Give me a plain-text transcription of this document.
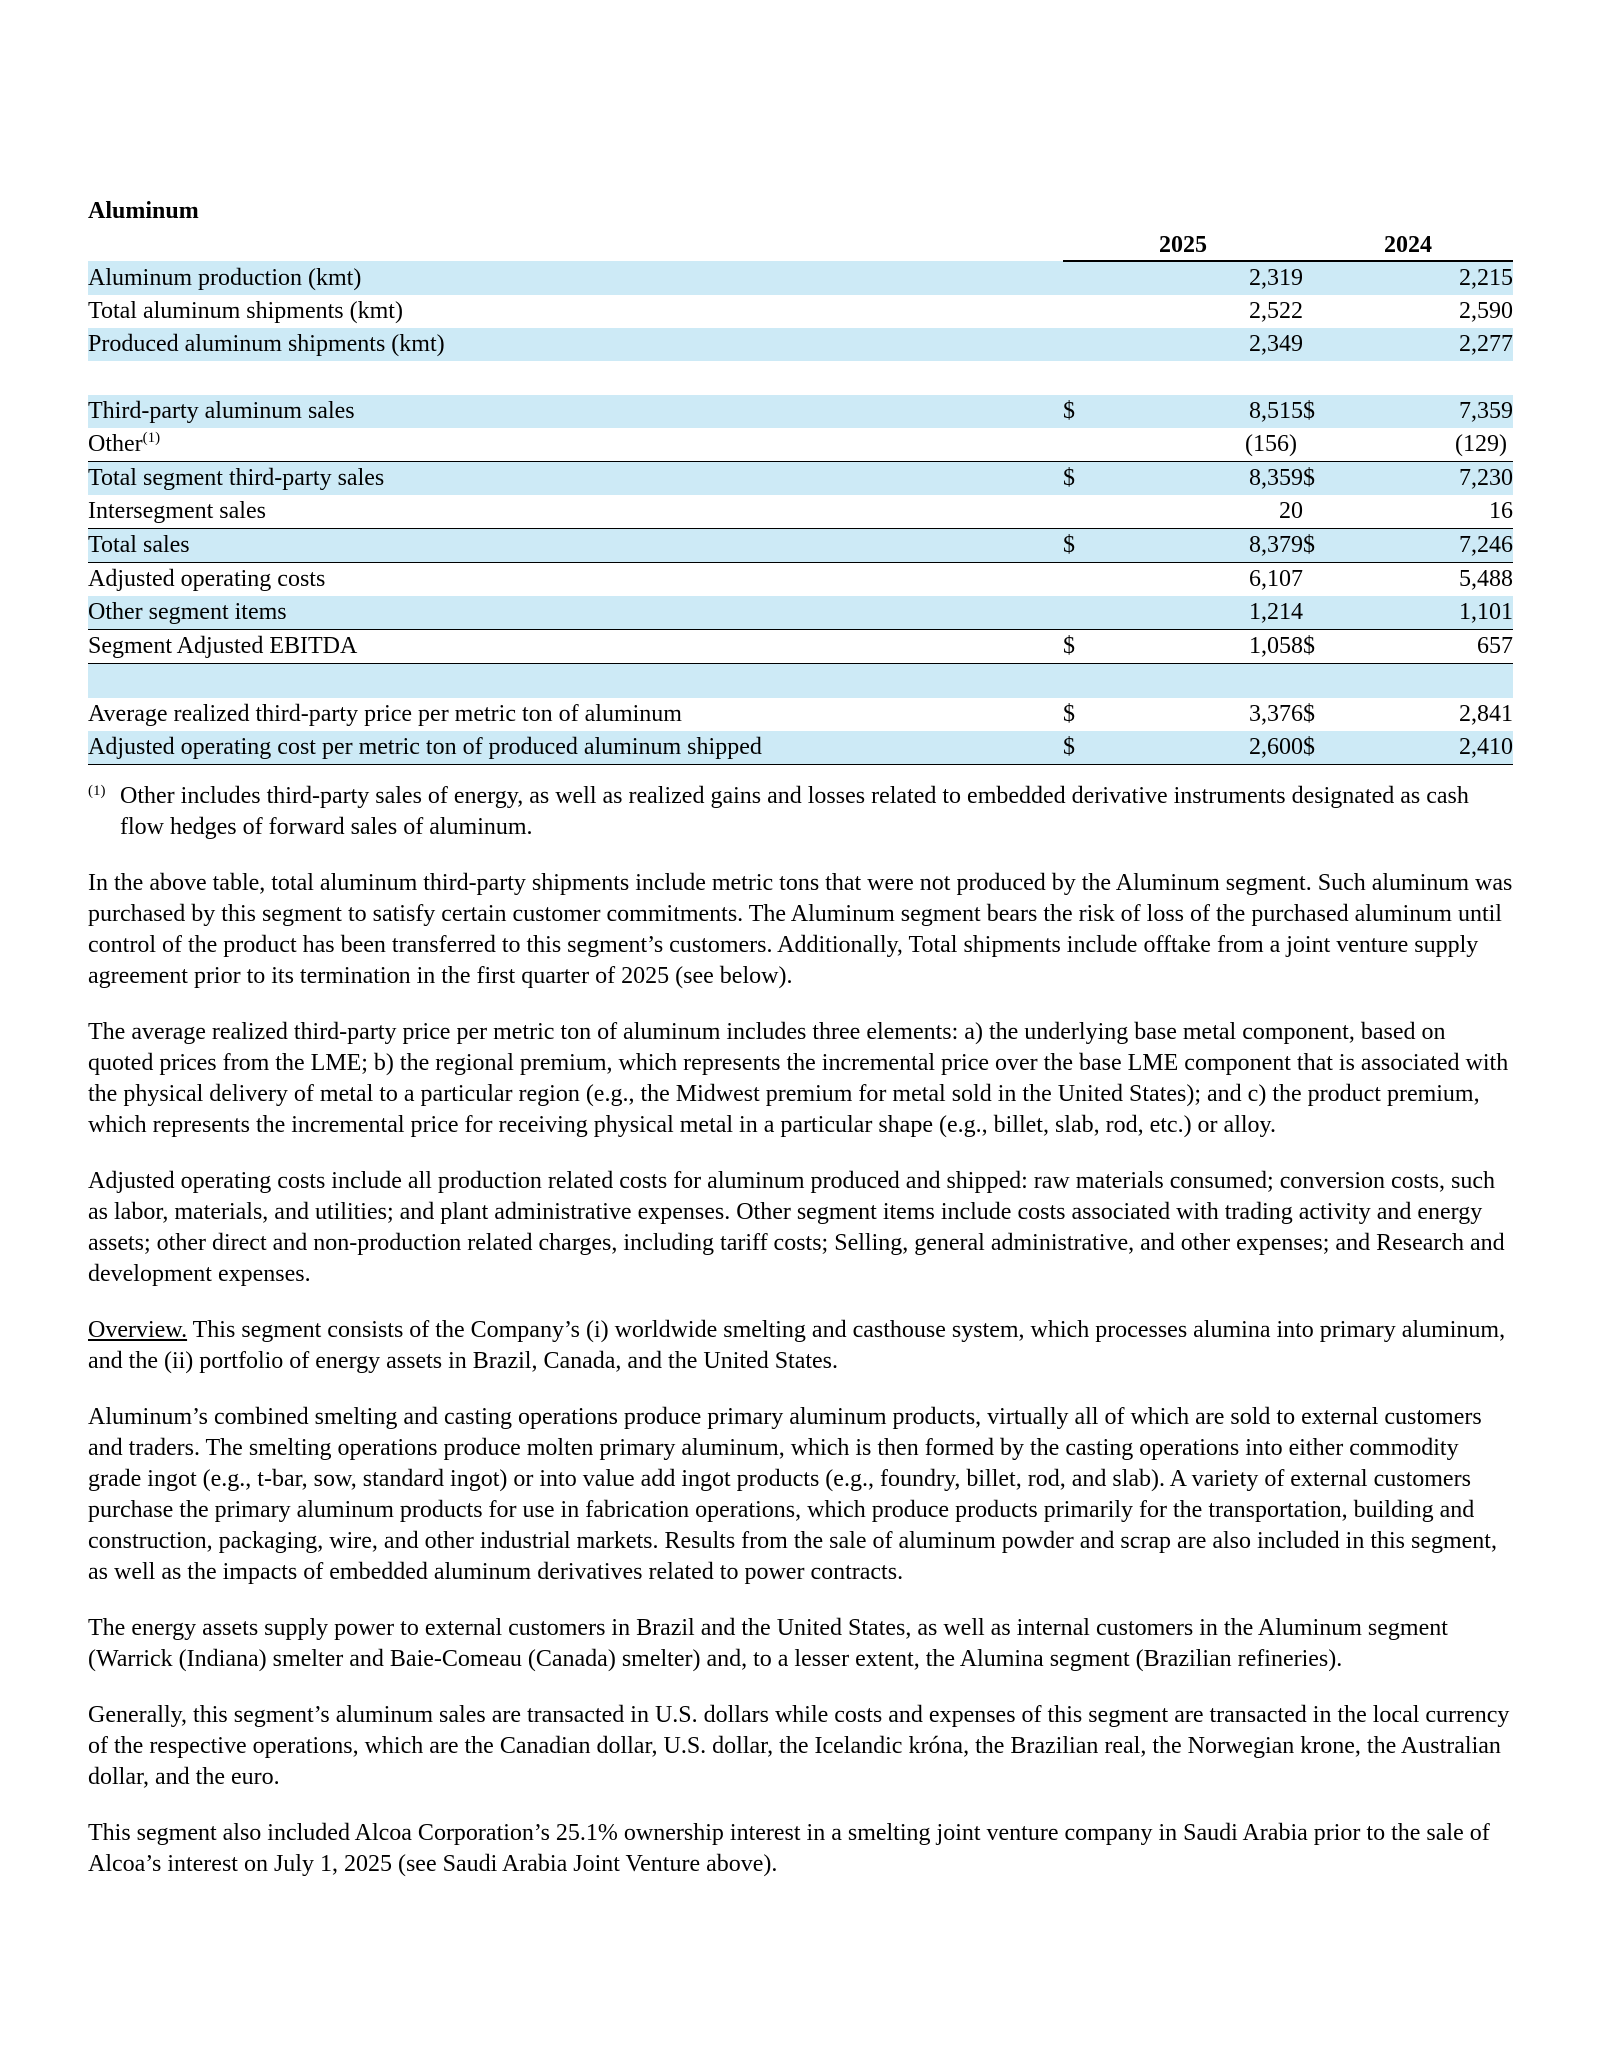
Aluminum
	2025		2024	
Aluminum production (kmt)		2,319		2,215
Total aluminum shipments (kmt)		2,522		2,590
Produced aluminum shipments (kmt)		2,349		2,277

Third-party aluminum sales	$	8,515	$	7,359
Other$^{(1)}$		(156)		(129)
Total segment third-party sales	$	8,359	$	7,230
Intersegment sales		20		16
Total sales	$	8,379	$	7,246
Adjusted operating costs		6,107		5,488
Other segment items		1,214		1,101
Segment Adjusted EBITDA	$	1,058	$	657

Average realized third-party price per metric ton of aluminum	$	3,376	$	2,841
Adjusted operating cost per metric ton of produced aluminum shipped	$	2,600	$	2,410
(1) Other includes third-party sales of energy, as well as realized gains and losses related to embedded derivative instruments designated as cash flow hedges of forward sales of aluminum.

In the above table, total aluminum third-party shipments include metric tons that were not produced by the Aluminum segment. Such aluminum was purchased by this segment to satisfy certain customer commitments. The Aluminum segment bears the risk of loss of the purchased aluminum until control of the product has been transferred to this segment’s customers. Additionally, Total shipments include offtake from a joint venture supply agreement prior to its termination in the first quarter of 2025 (see below).

The average realized third-party price per metric ton of aluminum includes three elements: a) the underlying base metal component, based on quoted prices from the LME; b) the regional premium, which represents the incremental price over the base LME component that is associated with the physical delivery of metal to a particular region (e.g., the Midwest premium for metal sold in the United States); and c) the product premium, which represents the incremental price for receiving physical metal in a particular shape (e.g., billet, slab, rod, etc.) or alloy.

Adjusted operating costs include all production related costs for aluminum produced and shipped: raw materials consumed; conversion costs, such as labor, materials, and utilities; and plant administrative expenses. Other segment items include costs associated with trading activity and energy assets; other direct and non-production related charges, including tariff costs; Selling, general administrative, and other expenses; and Research and development expenses.

Overview. This segment consists of the Company’s (i) worldwide smelting and casthouse system, which processes alumina into primary aluminum, and the (ii) portfolio of energy assets in Brazil, Canada, and the United States.

Aluminum’s combined smelting and casting operations produce primary aluminum products, virtually all of which are sold to external customers and traders. The smelting operations produce molten primary aluminum, which is then formed by the casting operations into either commodity grade ingot (e.g., t-bar, sow, standard ingot) or into value add ingot products (e.g., foundry, billet, rod, and slab). A variety of external customers purchase the primary aluminum products for use in fabrication operations, which produce products primarily for the transportation, building and construction, packaging, wire, and other industrial markets. Results from the sale of aluminum powder and scrap are also included in this segment, as well as the impacts of embedded aluminum derivatives related to power contracts.

The energy assets supply power to external customers in Brazil and the United States, as well as internal customers in the Aluminum segment (Warrick (Indiana) smelter and Baie-Comeau (Canada) smelter) and, to a lesser extent, the Alumina segment (Brazilian refineries).

Generally, this segment’s aluminum sales are transacted in U.S. dollars while costs and expenses of this segment are transacted in the local currency of the respective operations, which are the Canadian dollar, U.S. dollar, the Icelandic króna, the Brazilian real, the Norwegian krone, the Australian dollar, and the euro.

This segment also included Alcoa Corporation’s 25.1% ownership interest in a smelting joint venture company in Saudi Arabia prior to the sale of Alcoa’s interest on July 1, 2025 (see Saudi Arabia Joint Venture above).
